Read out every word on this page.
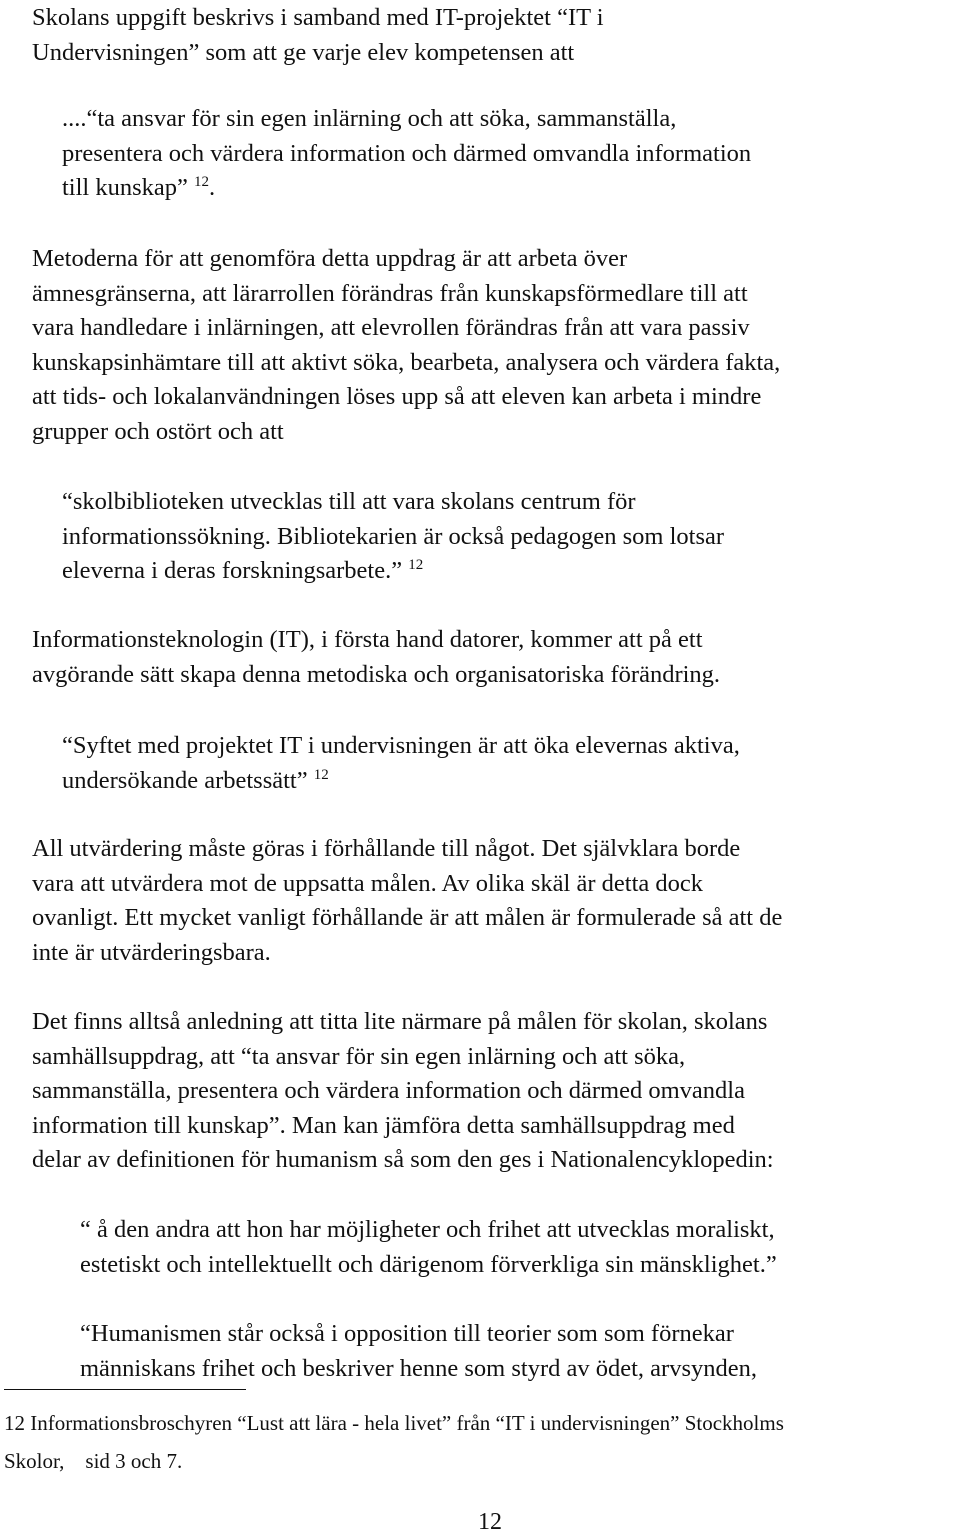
Skolans uppgift beskrivs i samband med IT-projektet “IT i
Undervisningen” som att ge varje elev kompetensen att

....“ta ansvar för sin egen inlärning och att söka, sammanställa,
presentera och värdera information och därmed omvandla information
till kunskap” $^{12}$.

Metoderna för att genomföra detta uppdrag är att arbeta över
ämnesgränserna, att lärarrollen förändras från kunskapsförmedlare till att
vara handledare i inlärningen, att elevrollen förändras från att vara passiv
kunskapsinhämtare till att aktivt söka, bearbeta, analysera och värdera fakta,
att tids- och lokalanvändningen löses upp så att eleven kan arbeta i mindre
grupper och ostört och att

“skolbiblioteken utvecklas till att vara skolans centrum för
informationssökning. Bibliotekarien är också pedagogen som lotsar
eleverna i deras forskningsarbete.” $^{12}$

Informationsteknologin (IT), i första hand datorer, kommer att på ett
avgörande sätt skapa denna metodiska och organisatoriska förändring.

“Syftet med projektet IT i undervisningen är att öka elevernas aktiva,
undersökande arbetssätt” $^{12}$

All utvärdering måste göras i förhållande till något. Det självklara borde
vara att utvärdera mot de uppsatta målen. Av olika skäl är detta dock
ovanligt. Ett mycket vanligt förhållande är att målen är formulerade så att de
inte är utvärderingsbara.

Det finns alltså anledning att titta lite närmare på målen för skolan, skolans
samhällsuppdrag, att “ta ansvar för sin egen inlärning och att söka,
sammanställa, presentera och värdera information och därmed omvandla
information till kunskap”. Man kan jämföra detta samhällsuppdrag med
delar av definitionen för humanism så som den ges i Nationalencyklopedin:

“ å den andra att hon har möjligheter och frihet att utvecklas moraliskt,
estetiskt och intellektuellt och därigenom förverkliga sin mänsklighet.”

“Humanismen står också i opposition till teorier som som förnekar
människans frihet och beskriver henne som styrd av ödet, arvsynden,

12 Informationsbroschyren “Lust att lära - hela livet” från “IT i undervisningen” Stockholms
Skolor,    sid 3 och 7.

12
